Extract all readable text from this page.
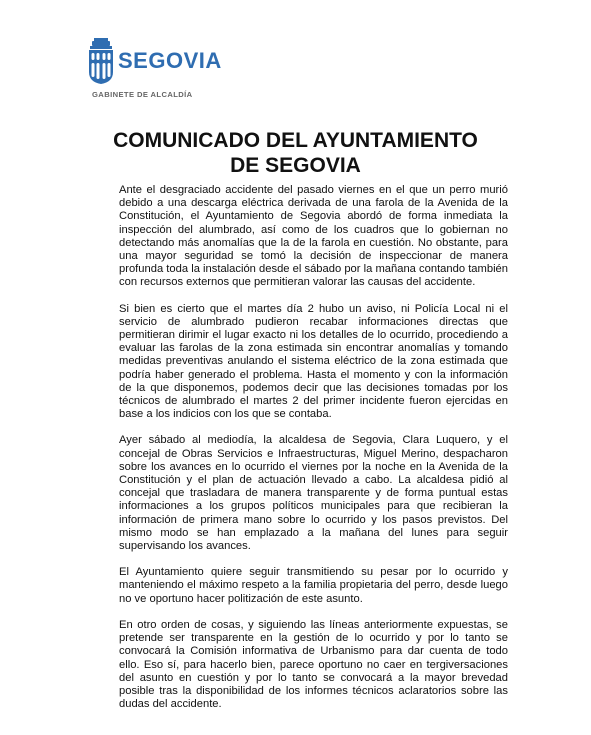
SEGOVIA
GABINETE DE ALCALDÍA
COMUNICADO DEL AYUNTAMIENTO
DE SEGOVIA

Ante el desgraciado accidente del pasado viernes en el que un perro murió debido a una descarga eléctrica derivada de una farola de la Avenida de la Constitución, el Ayuntamiento de Segovia abordó de forma inmediata la inspección del alumbrado, así como de los cuadros que lo gobiernan no detectando más anomalías que la de la farola en cuestión. No obstante, para una mayor seguridad se tomó la decisión de inspeccionar de manera profunda toda la instalación desde el sábado por la mañana contando también con recursos externos que permitieran valorar las causas del accidente.

Si bien es cierto que el martes día 2 hubo un aviso, ni Policía Local ni el servicio de alumbrado pudieron recabar informaciones directas que permitieran dirimir el lugar exacto ni los detalles de lo ocurrido, procediendo a evaluar las farolas de la zona estimada sin encontrar anomalías y tomando medidas preventivas anulando el sistema eléctrico de la zona estimada que podría haber generado el problema. Hasta el momento y con la información de la que disponemos, podemos decir que las decisiones tomadas por los técnicos de alumbrado el martes 2 del primer incidente fueron ejercidas en base a los indicios con los que se contaba.

Ayer sábado al mediodía, la alcaldesa de Segovia, Clara Luquero, y el concejal de Obras Servicios e Infraestructuras, Miguel Merino, despacharon sobre los avances en lo ocurrido el viernes por la noche en la Avenida de la Constitución y el plan de actuación llevado a cabo. La alcaldesa pidió al concejal que trasladara de manera transparente y de forma puntual estas informaciones a los grupos políticos municipales para que recibieran la información de primera mano sobre lo ocurrido y los pasos previstos. Del mismo modo se han emplazado a la mañana del lunes para seguir supervisando los avances.

El Ayuntamiento quiere seguir transmitiendo su pesar por lo ocurrido y manteniendo el máximo respeto a la familia propietaria del perro, desde luego no ve oportuno hacer politización de este asunto.

En otro orden de cosas, y siguiendo las líneas anteriormente expuestas, se pretende ser transparente en la gestión de lo ocurrido y por lo tanto se convocará la Comisión informativa de Urbanismo para dar cuenta de todo ello. Eso sí, para hacerlo bien, parece oportuno no caer en tergiversaciones del asunto en cuestión y por lo tanto se convocará a la mayor brevedad posible tras la disponibilidad de los informes técnicos aclaratorios sobre las dudas del accidente.
